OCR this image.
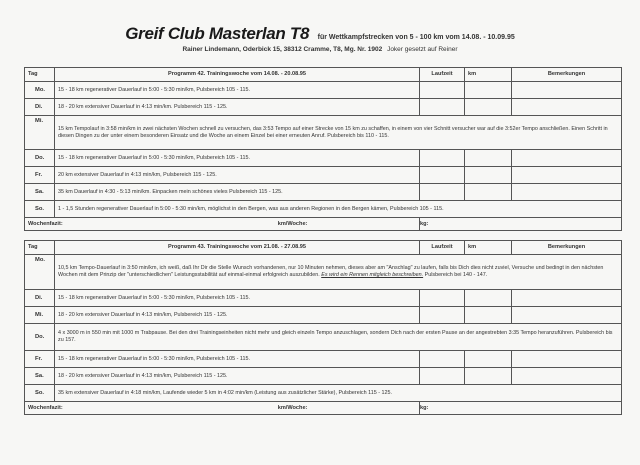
Greif Club Masterlan T8 für Wettkampfstrecken von 5 - 100 km vom 14.08. - 10.09.95
Rainer Lindemann, Oderbick 15, 38312 Cramme, T8, Mg. Nr. 1902 Joker gesetzt auf Reiner
Tag	Programm 42. Trainingswoche vom 14.08. - 20.08.95	Laufzeit	km	Bemerkungen
Mo.	15 - 18 km regenerativer Dauerlauf in 5:00 - 5:30 min/km, Pulsbereich 105 - 115.			
Di.	18 - 20 km extensiver Dauerlauf in 4:13 min/km. Pulsbereich 115 - 125.			
Mi.	15 km Tempolauf in 3:58 min/km in zwei nächsten Wochen schnell zu versuchen, das 3:53 Tempo auf einer Strecke von 15 km zu schaffen, in einem von vier Schnitt versucher war auf die 3:52er Tempo anschließen. Einen Schritt in diesen Dingen zu der unter einem besonderen Einsatz und die Woche an einem Einzel bei einer erneuten Anruf. Pulsbereich bis 110 - 115.			
Do.	15 - 18 km regenerativer Dauerlauf in 5:00 - 5:30 min/km, Pulsbereich 105 - 115.			
Fr.	20 km extensiver Dauerlauf in 4:13 min/km, Pulsbereich 115 - 125.			
Sa.	35 km Dauerlauf in 4:30 - 5:13 min/km. Einpacken mein schönes vieles Pulsbereich 115 - 125.			
So.	1 - 1,5 Stunden regenerativer Dauerlauf in 5:00 - 5:30 min/km, möglichst in den Bergen, was aus anderen Regionen in den Bergen kämen, Pulsbereich 105 - 115.			
Wochenfazit: km/Woche:		kg:		
Tag	Programm 43. Trainingswoche vom 21.08. - 27.08.95	Laufzeit	km	Bemerkungen
Mo.	10,5 km Tempo-Dauerlauf in 3:50 min/km, ich weiß, daß Ihr Dir die Stelle Wunsch vorhandenen, nur 10 Minuten nehmen, dieses aber am "Anschlag" zu laufen, falls bis Dich dies nicht zuviel, Versuche und bedingt in den nächsten Wochen mit dem Prinzip der "unterschiedlichen" Leistungsstabilität auf einmal-einmal erfolgreich auszubilden. Es wird ein Rennen mitgleich beschreiben. Pulsbereich bei 140 - 147.			
Di.	15 - 18 km regenerativer Dauerlauf in 5:00 - 5:30 min/km, Pulsbereich 105 - 115.			
Mi.	18 - 20 km extensiver Dauerlauf in 4:13 min/km, Pulsbereich 115 - 125.			
Do.	4 x 3000 m in 550 min mit 1000 m Trabpause. Bei den drei Trainingseinheiten nicht mehr und gleich einzeln Tempo anzuschlagen, sondern Dich nach der ersten Pause an der angestrebten 3:35 Tempo heranzuführen. Pulsbereich bis zu 157.			
Fr.	15 - 18 km regenerativer Dauerlauf in 5:00 - 5:30 min/km, Pulsbereich 105 - 115.			
Sa.	18 - 20 km extensiver Dauerlauf in 4:13 min/km, Pulsbereich 115 - 125.			
So.	35 km extensiver Dauerlauf in 4:18 min/km, Laufende wieder 5 km in 4:02 min/km (Leistung aus zusätzlicher Stärke), Pulsbereich 115 - 125.			
Wochenfazit: km/Woche:		kg:		
